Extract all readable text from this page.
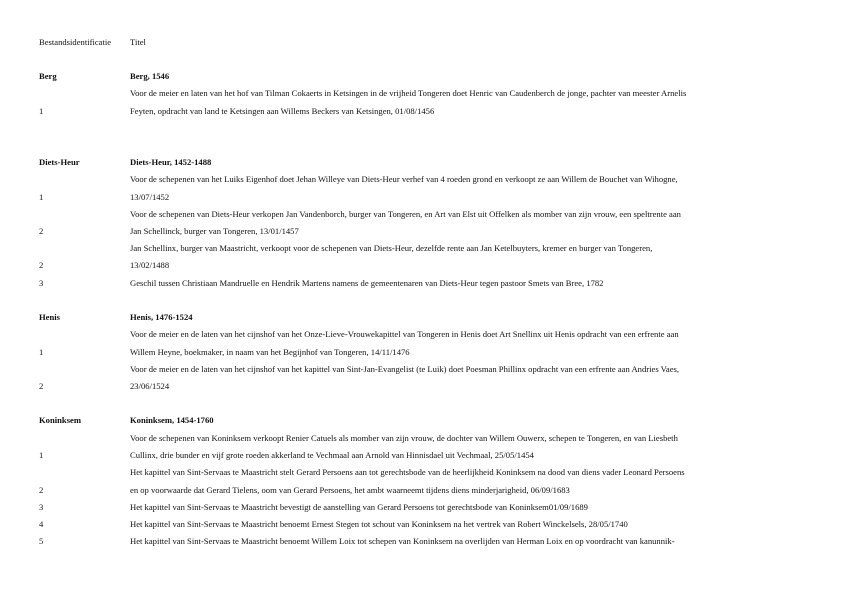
Bestandsidentificatie Titel
Berg	Berg, 1546
Voor de meier en laten van het hof van Tilman Cokaerts in Ketsingen in de vrijheid Tongeren doet Henric van Caudenberch de jonge, pachter van meester Arnelis
1	Feyten, opdracht van land te Ketsingen aan Willems Beckers van Ketsingen, 01/08/1456
Diets-Heur	Diets-Heur, 1452-1488
Voor de schepenen van het Luiks Eigenhof doet Jehan Willeye van Diets-Heur verhef van 4 roeden grond en verkoopt ze aan Willem de Bouchet van Wihogne,
1	13/07/1452
Voor de schepenen van Diets-Heur verkopen Jan Vandenborch, burger van Tongeren, en Art van Elst uit Offelken als momber van zijn vrouw, een speltrente aan
2	Jan Schellinck, burger van Tongeren, 13/01/1457
Jan Schellinx, burger van Maastricht, verkoopt voor de schepenen van Diets-Heur, dezelfde rente aan Jan Ketelbuyters, kremer en burger van Tongeren,
2	13/02/1488
3	Geschil tussen Christiaan Mandruelle en Hendrik Martens namens de gemeentenaren van Diets-Heur tegen pastoor Smets van Bree, 1782
Henis	Henis, 1476-1524
Voor de meier en de laten van het cijnshof van het Onze-Lieve-Vrouwekapittel van Tongeren in Henis doet Art Snellinx uit Henis opdracht van een erfrente aan
1	Willem Heyne, boekmaker, in naam van het Begijnhof van Tongeren, 14/11/1476
Voor de meier en de laten van het cijnshof van het kapittel van Sint-Jan-Evangelist (te Luik) doet Poesman Phillinx opdracht van een erfrente aan Andries Vaes,
2	23/06/1524
Koninksem	Koninksem, 1454-1760
Voor de schepenen van Koninksem verkoopt Renier Catuels als momber van zijn vrouw, de dochter van Willem Ouwerx, schepen te Tongeren, en van Liesbeth
1	Cullinx, drie bunder en vijf grote roeden akkerland te Vechmaal aan Arnold van Hinnisdael uit Vechmaal, 25/05/1454
Het kapittel van Sint-Servaas te Maastricht stelt Gerard Persoens aan tot gerechtsbode van de heerlijkheid Koninksem na dood van diens vader Leonard Persoens
2	en op voorwaarde dat Gerard Tielens, oom van Gerard Persoens, het ambt waarneemt tijdens diens minderjarigheid, 06/09/1683
3	Het kapittel van Sint-Servaas te Maastricht bevestigt de aanstelling van Gerard Persoens tot gerechtsbode van Koninksem01/09/1689
4	Het kapittel van Sint-Servaas te Maastricht benoemt Ernest Stegen tot schout van Koninksem na het vertrek van Robert Winckelsels, 28/05/1740
5	Het kapittel van Sint-Servaas te Maastricht benoemt Willem Loix tot schepen van Koninksem na overlijden van Herman Loix en op voordracht van kanunnik-
